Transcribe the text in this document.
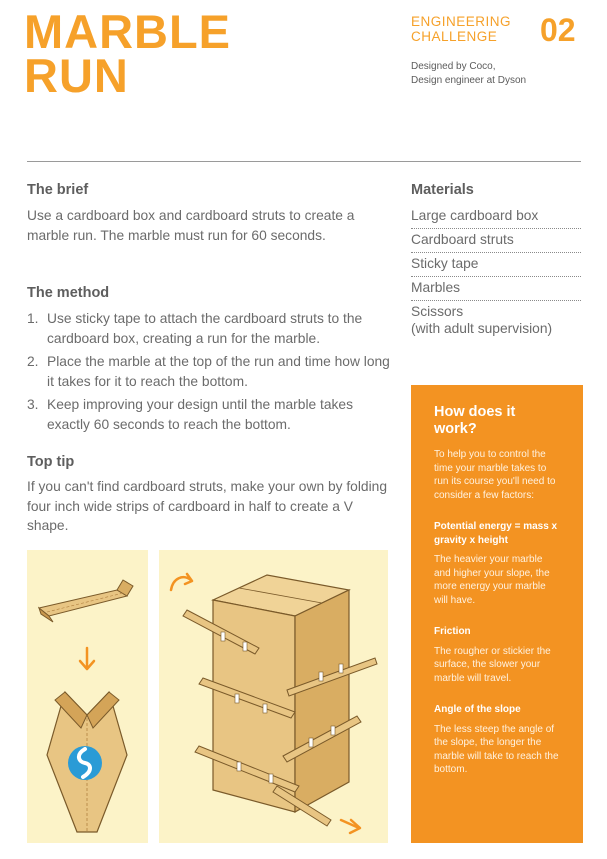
MARBLE
RUN
ENGINEERING
CHALLENGE	02
Designed by Coco,
Design engineer at Dyson
The brief
Use a cardboard box and cardboard struts to create a marble run. The marble must run for 60 seconds.
The method
1. Use sticky tape to attach the cardboard struts to the cardboard box, creating a run for the marble.
2. Place the marble at the top of the run and time how long it takes for it to reach the bottom.
3. Keep improving your design until the marble takes exactly 60 seconds to reach the bottom.
Top tip
If you can't find cardboard struts, make your own by folding four inch wide strips of cardboard in half to create a V shape.
Materials
Large cardboard box
Cardboard struts
Sticky tape
Marbles
Scissors
(with adult supervision)
How does it work?
To help you to control the time your marble takes to run its course you'll need to consider a few factors:
Potential energy = mass x gravity x height
The heavier your marble and higher your slope, the more energy your marble will have.
Friction
The rougher or stickier the surface, the slower your marble will travel.
Angle of the slope
The less steep the angle of the slope, the longer the marble will take to reach the bottom.
